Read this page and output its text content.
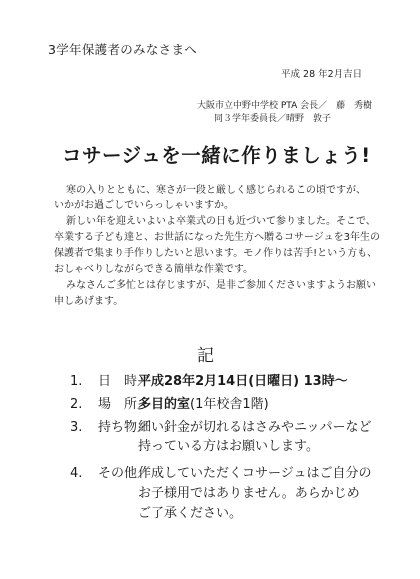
3学年保護者のみなさまへ
平成 28 年2月吉日
大阪市立中野中学校 PTA 会長／　藤　秀樹
同３学年委員長／晴野　敦子
コサージュを一緒に作りましょう!
寒の入りとともに、寒さが一段と厳しく感じられるこの頃ですが、
いかがお過ごしでいらっしゃいますか。
新しい年を迎えいよいよ卒業式の日も近づいて参りました。そこで、
卒業する子ども達と、お世話になった先生方へ贈るコサージュを3年生の
保護者で集まり手作りしたいと思います。モノ作りは苦手!という方も、
おしゃべりしながらできる簡単な作業です。
みなさんご多忙とは存じますが、是非ご参加くださいますようお願い
申しあげます。
記
1. 日　時／
平成28年2月14日(日曜日) 13時～
2. 場　所／
多目的室(1年校舎1階)
3. 持ち物／
細い針金が切れるはさみやニッパーなど
持っている方はお願いします。
4. その他／
作成していただくコサージュはご自分の
お子様用ではありません。あらかじめ
ご了承ください。
